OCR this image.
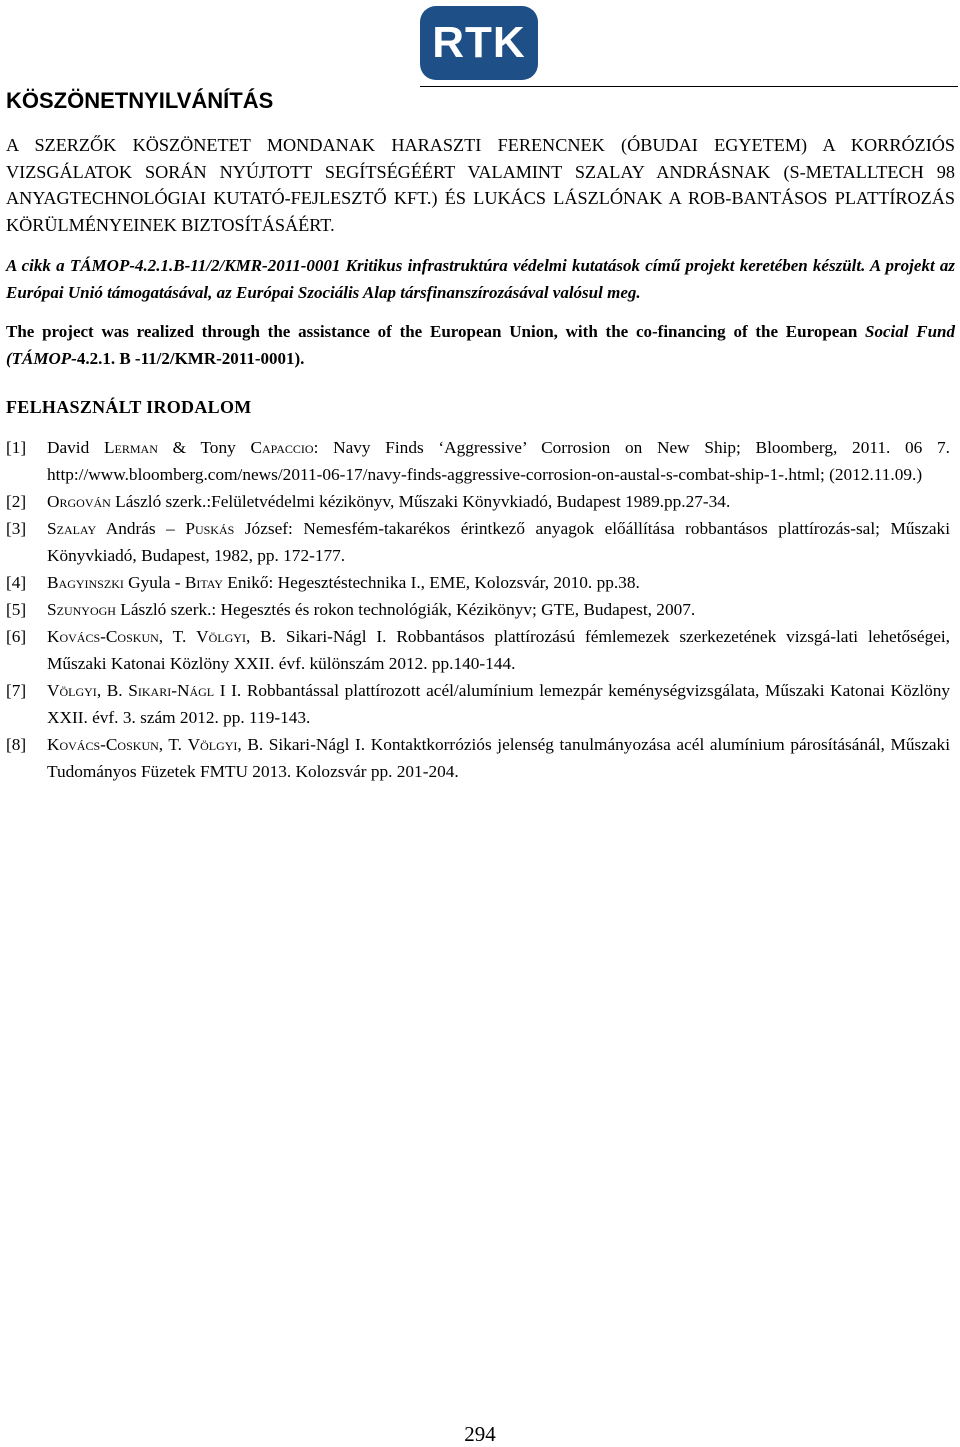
RTK
KÖSZÖNETNYILVÁNÍTÁS
A SZERZŐK KÖSZÖNETET MONDANAK HARASZTI FERENCNEK (ÓBUDAI EGYETEM) A KORRÓZIÓS VIZSGÁLATOK SORÁN NYÚJTOTT SEGÍTSÉGÉÉRT VALAMINT SZALAY ANDRÁSNAK (S-METALLTECH 98 ANYAGTECHNOLÓGIAI KUTATÓ-FEJLESZTŐ KFT.) ÉS LUKÁCS LÁSZLÓNAK A ROB-BANTÁSOS PLATTÍROZÁS KÖRÜLMÉNYEINEK BIZTOSÍTÁSÁÉRT.
A cikk a TÁMOP-4.2.1.B-11/2/KMR-2011-0001 Kritikus infrastruktúra védelmi kutatások című projekt keretében készült. A projekt az Európai Unió támogatásával, az Európai Szociális Alap társfinanszírozásával valósul meg.
The project was realized through the assistance of the European Union, with the co-financing of the European Social Fund (TÁMOP-4.2.1. B -11/2/KMR-2011-0001).
FELHASZNÁLT IRODALOM
[1]	David Lerman & Tony Capaccio: Navy Finds ‘Aggressive’ Corrosion on New Ship; Bloomberg, 2011. 06 7. http://www.bloomberg.com/news/2011-06-17/navy-finds-aggressive-corrosion-on-austal-s-combat-ship-1-.html; (2012.11.09.)
[2]	Orgován László szerk.:Felületvédelmi kézikönyv, Műszaki Könyvkiadó, Budapest 1989.pp.27-34.
[3]	Szalay András – Puskás József: Nemesfém-takarékos érintkező anyagok előállítása robbantásos plattírozás-sal; Műszaki Könyvkiadó, Budapest, 1982, pp. 172-177.
[4]	Bagyinszki Gyula - Bitay Enikő: Hegesztéstechnika I., EME, Kolozsvár, 2010. pp.38.
[5]	Szunyogh László szerk.: Hegesztés és rokon technológiák, Kézikönyv; GTE, Budapest, 2007.
[6]	Kovács-Coskun, T. Völgyi, B. Sikari-Nágl I. Robbantásos plattírozású fémlemezek szerkezetének vizsgá-lati lehetőségei, Műszaki Katonai Közlöny XXII. évf. különszám 2012. pp.140-144.
[7]	Völgyi, B. Sikari-Nágl I I. Robbantással plattírozott acél/alumínium lemezpár keménységvizsgálata, Műszaki Katonai Közlöny XXII. évf. 3. szám 2012. pp. 119-143.
[8]	Kovács-Coskun, T. Völgyi, B. Sikari-Nágl I. Kontaktkorróziós jelenség tanulmányozása acél alumínium párosításánál, Műszaki Tudományos Füzetek FMTU 2013. Kolozsvár pp. 201-204.
294
